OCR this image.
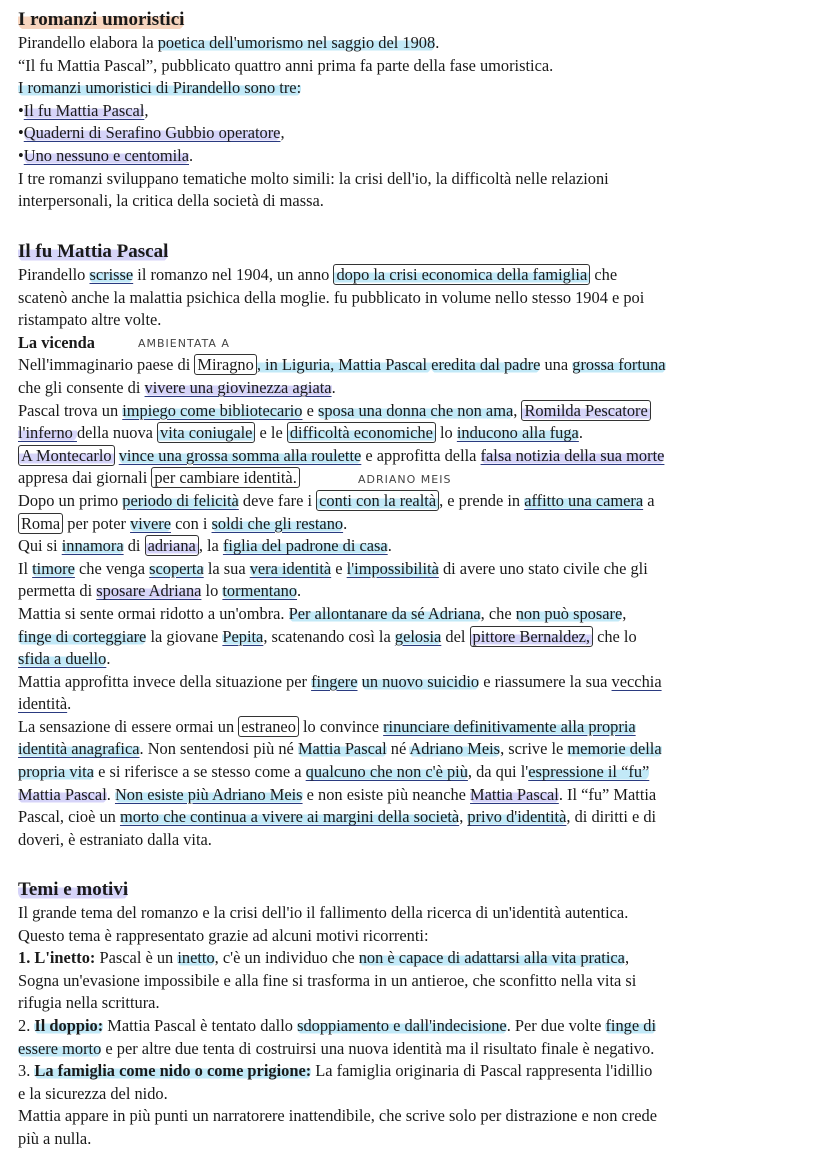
I romanzi umoristici
Pirandello elabora la poetica dell'umorismo nel saggio del 1908.
“Il fu Mattia Pascal”, pubblicato quattro anni prima fa parte della fase umoristica.
I romanzi umoristici di Pirandello sono tre:
•Il fu Mattia Pascal,
•Quaderni di Serafino Gubbio operatore,
•Uno nessuno e centomila.
I tre romanzi sviluppano tematiche molto simili: la crisi dell'io, la difficoltà nelle relazioni
interpersonali, la critica della società di massa.
Il fu Mattia Pascal
Pirandello scrisse il romanzo nel 1904, un anno dopo la crisi economica della famiglia che
scatenò anche la malattia psichica della moglie. fu pubblicato in volume nello stesso 1904 e poi
ristampato altre volte.
La vicenda
Nell'immaginario paese di Miragno , in Liguria, Mattia Pascal eredita dal padre una grossa fortuna
che gli consente di vivere una giovinezza agiata.
Pascal trova un impiego come bibliotecario e sposa una donna che non ama, Romilda Pescatore
l'inferno della nuova vita coniugale e le difficoltà economiche lo inducono alla fuga.
A Montecarlo vince una grossa somma alla roulette e approfitta della falsa notizia della sua morte
appresa dai giornali per cambiare identità.
Dopo un primo periodo di felicità deve fare i conti con la realtà , e prende in affitto una camera a
Roma per poter vivere con i soldi che gli restano.
Qui si innamora di adriana , la figlia del padrone di casa.
Il timore che venga scoperta la sua vera identità e l'impossibilità di avere uno stato civile che gli
permetta di sposare Adriana lo tormentano.
Mattia si sente ormai ridotto a un'ombra. Per allontanare da sé Adriana, che non può sposare,
finge di corteggiare la giovane Pepita, scatenando così la gelosia del pittore Bernaldez, che lo
sfida a duello.
Mattia approfitta invece della situazione per fingere un nuovo suicidio e riassumere la sua vecchia
identità.
La sensazione di essere ormai un estraneo lo convince rinunciare definitivamente alla propria
identità anagrafica. Non sentendosi più né Mattia Pascal né Adriano Meis, scrive le memorie della
propria vita e si riferisce a se stesso come a qualcuno che non c'è più, da qui l'espressione il “fu”
Mattia Pascal. Non esiste più Adriano Meis e non esiste più neanche Mattia Pascal. Il “fu” Mattia
Pascal, cioè un morto che continua a vivere ai margini della società, privo d'identità, di diritti e di
doveri, è estraniato dalla vita.
AMBIENTATA A
ADRIANO MEIS
Temi e motivi
Il grande tema del romanzo e la crisi dell'io il fallimento della ricerca di un'identità autentica.
Questo tema è rappresentato grazie ad alcuni motivi ricorrenti:
1. L'inetto: Pascal è un inetto, c'è un individuo che non è capace di adattarsi alla vita pratica,
Sogna un'evasione impossibile e alla fine si trasforma in un antieroe, che sconfitto nella vita si
rifugia nella scrittura.
2. Il doppio: Mattia Pascal è tentato dallo sdoppiamento e dall'indecisione. Per due volte finge di
essere morto e per altre due tenta di costruirsi una nuova identità ma il risultato finale è negativo.
3. La famiglia come nido o come prigione: La famiglia originaria di Pascal rappresenta l'idillio
e la sicurezza del nido.
Mattia appare in più punti un narratorere inattendibile, che scrive solo per distrazione e non crede
più a nulla.
